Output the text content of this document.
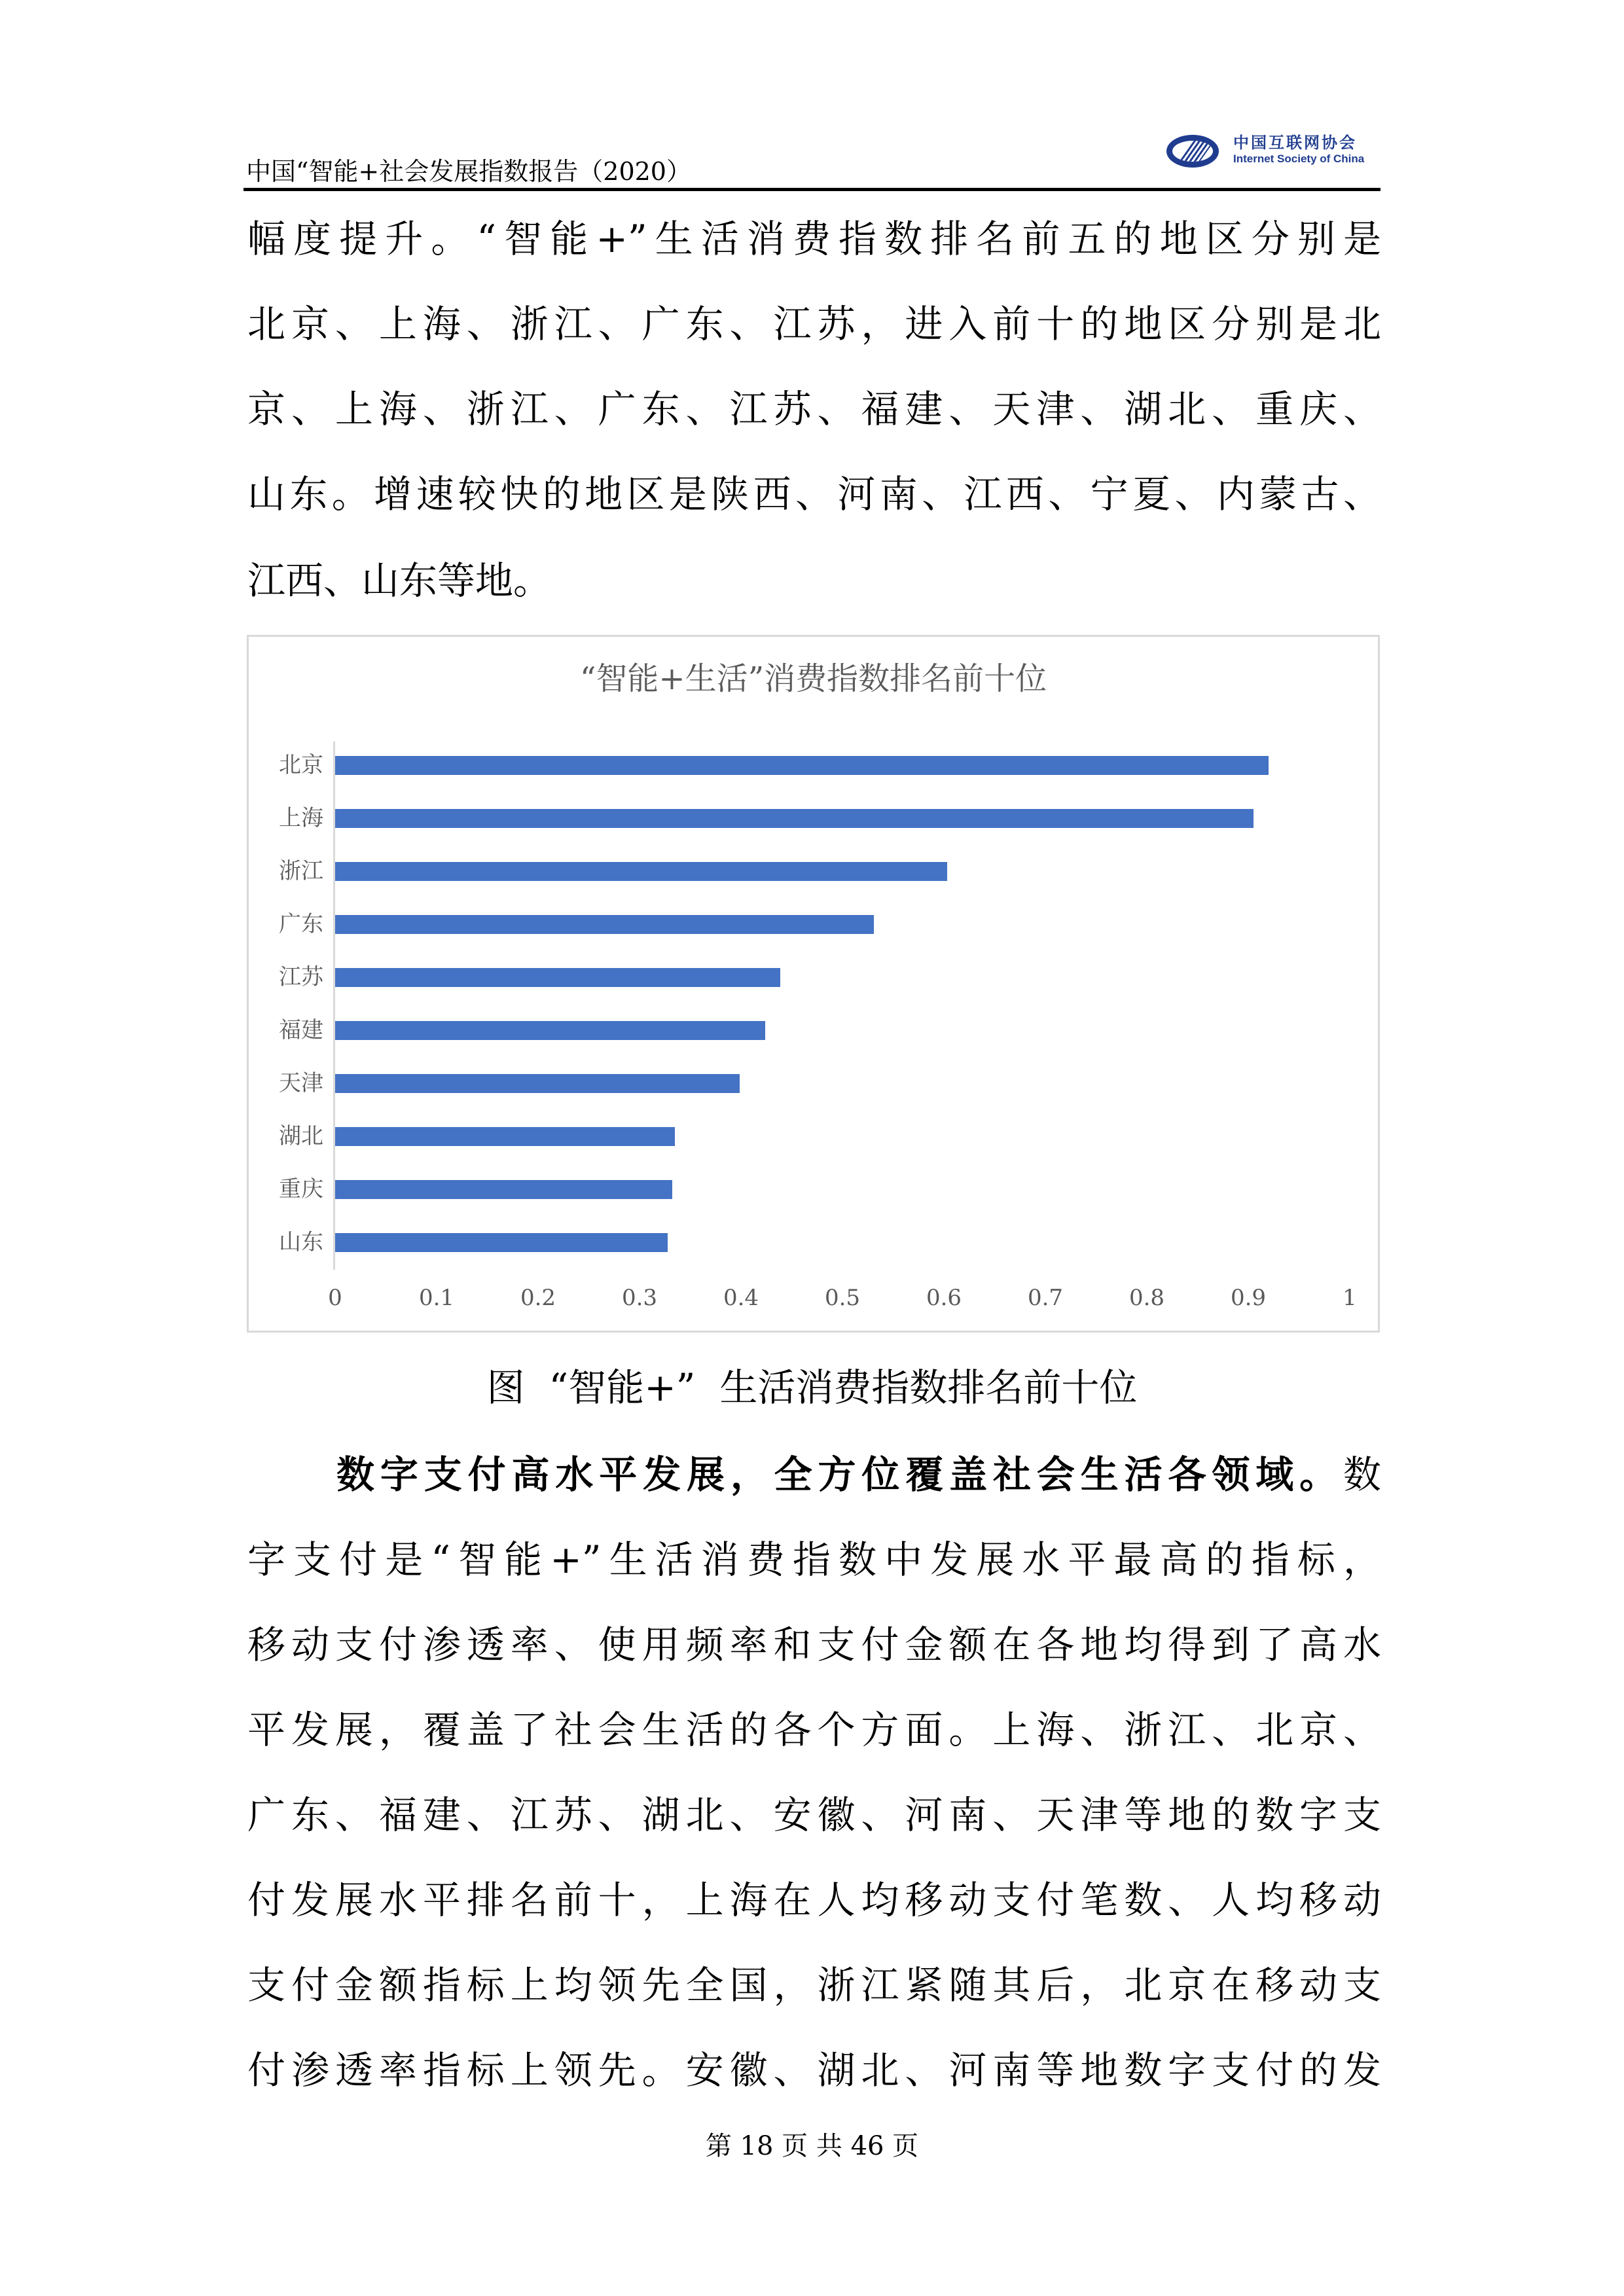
中国“智能+社会发展指数报告（2020）
中国互联网协会
Internet Society of China
幅度提升。“智能+”生活消费指数排名前五的地区分别是
北京、上海、浙江、广东、江苏，进入前十的地区分别是北
京、上海、浙江、广东、江苏、福建、天津、湖北、重庆、
山东。增速较快的地区是陕西、河南、江西、宁夏、内蒙古、
江西、山东等地。
“智能+生活”消费指数排名前十位
北京
上海
浙江
广东
江苏
福建
天津
湖北
重庆
山东
0	0.1	0.2	0.3	0.4	0.5	0.6	0.7	0.8	0.9	1
图  “智能+”  生活消费指数排名前十位
数字支付高水平发展，全方位覆盖社会生活各领域。数
字支付是“智能+”生活消费指数中发展水平最高的指标，
移动支付渗透率、使用频率和支付金额在各地均得到了高水
平发展，覆盖了社会生活的各个方面。上海、浙江、北京、
广东、福建、江苏、湖北、安徽、河南、天津等地的数字支
付发展水平排名前十，上海在人均移动支付笔数、人均移动
支付金额指标上均领先全国，浙江紧随其后，北京在移动支
付渗透率指标上领先。安徽、湖北、河南等地数字支付的发
第 18 页 共 46 页
